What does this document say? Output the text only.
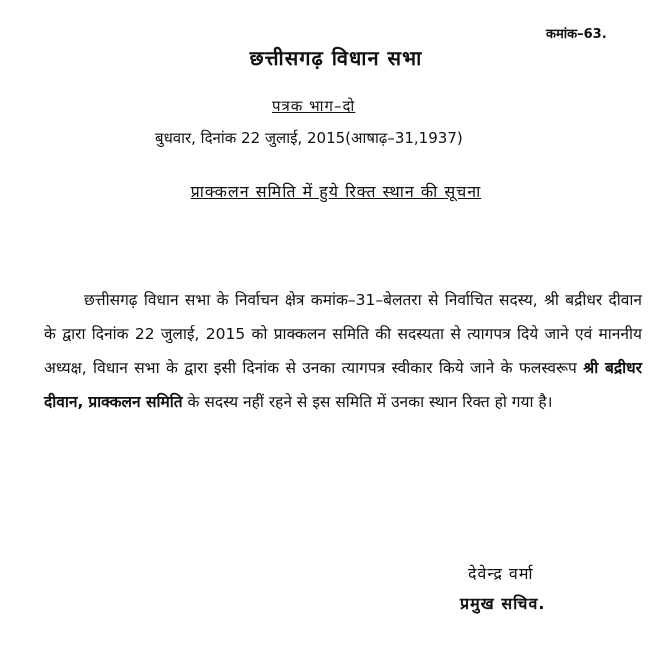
कमांक–63.
छत्तीसगढ़ विधान सभा
पत्रक भाग–दो
बुधवार, दिनांक 22 जुलाई, 2015(आषाढ़–31,1937)
प्राक्कलन समिति में हुये रिक्त स्थान की सूचना

छत्तीसगढ़ विधान सभा के निर्वाचन क्षेत्र कमांक–31–बेलतरा से निर्वाचित सदस्य, श्री बद्रीधर दीवान के द्वारा दिनांक 22 जुलाई, 2015 को प्राक्कलन समिति की सदस्यता से त्यागपत्र दिये जाने एवं माननीय अध्यक्ष, विधान सभा के द्वारा इसी दिनांक से उनका त्यागपत्र स्वीकार किये जाने के फलस्वरूप श्री बद्रीधर दीवान, प्राक्कलन समिति के सदस्य नहीं रहने से इस समिति में उनका स्थान रिक्त हो गया है।

देवेन्द्र वर्मा
प्रमुख सचिव.
